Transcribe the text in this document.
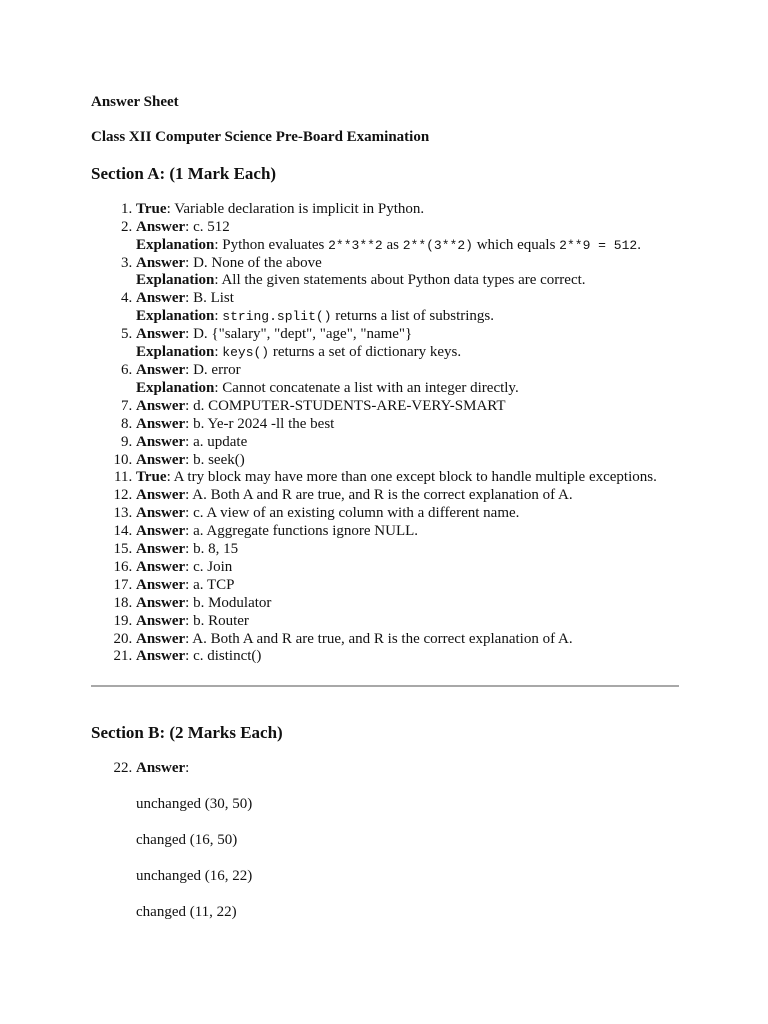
Answer Sheet

Class XII Computer Science Pre-Board Examination

Section A: (1 Mark Each)
1. True: Variable declaration is implicit in Python.
2. Answer: c. 512
Explanation: Python evaluates 2**3**2 as 2**(3**2) which equals 2**9 = 512.
3. Answer: D. None of the above
Explanation: All the given statements about Python data types are correct.
4. Answer: B. List
Explanation: string.split() returns a list of substrings.
5. Answer: D. {"salary", "dept", "age", "name"}
Explanation: keys() returns a set of dictionary keys.
6. Answer: D. error
Explanation: Cannot concatenate a list with an integer directly.
7. Answer: d. COMPUTER-STUDENTS-ARE-VERY-SMART
8. Answer: b. Ye-r 2024 -ll the best
9. Answer: a. update
10. Answer: b. seek()
11. True: A try block may have more than one except block to handle multiple exceptions.
12. Answer: A. Both A and R are true, and R is the correct explanation of A.
13. Answer: c. A view of an existing column with a different name.
14. Answer: a. Aggregate functions ignore NULL.
15. Answer: b. 8, 15
16. Answer: c. Join
17. Answer: a. TCP
18. Answer: b. Modulator
19. Answer: b. Router
20. Answer: A. Both A and R are true, and R is the correct explanation of A.
21. Answer: c. distinct()
Section B: (2 Marks Each)
22. Answer:
unchanged (30, 50)
changed (16, 50)
unchanged (16, 22)
changed (11, 22)
